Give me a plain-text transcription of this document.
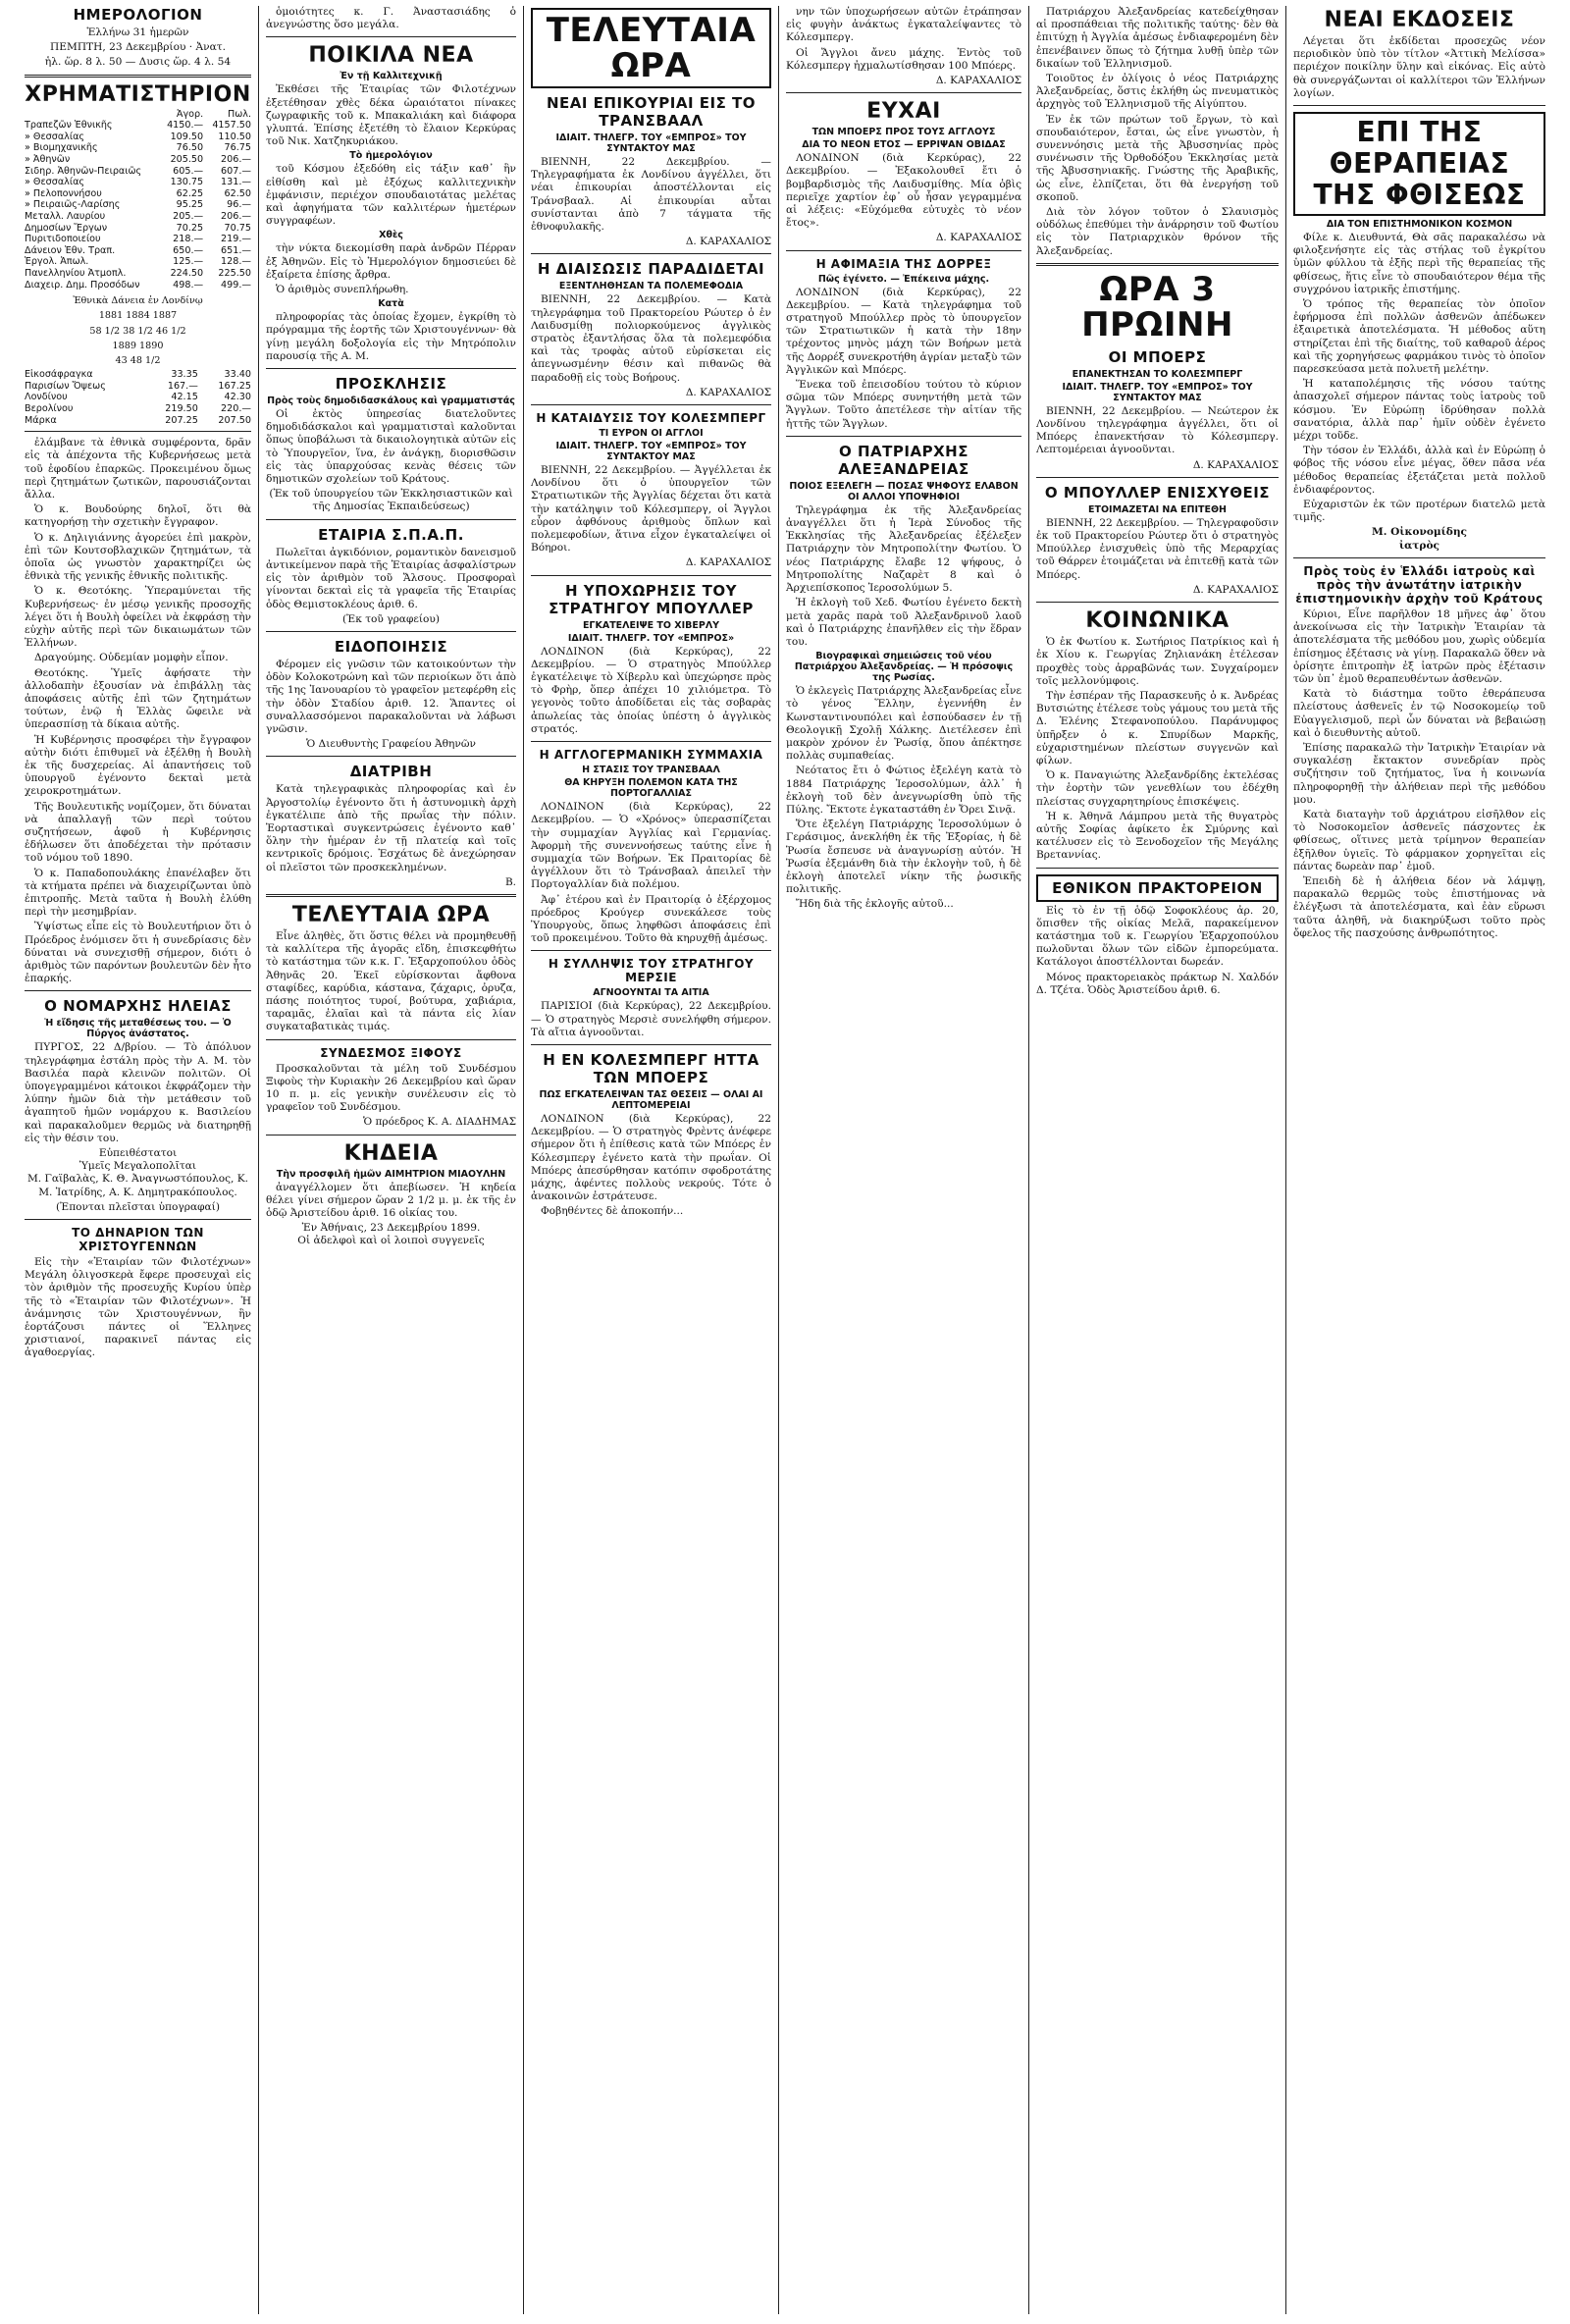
ΗΜΕΡΟΛΟΓΙΟΝ

Ἑλλήνω 31 ἡμερῶν

ΠΕΜΠΤΗ, 23 Δεκεμβρίου · Ἀνατ.

ἡλ. ὥρ. 8 λ. 50 — Δυσις ὥρ. 4 λ. 54

ΧΡΗΜΑΤΙΣΤΗΡΙΟΝ
	Ἀγορ.	Πωλ.
Τραπεζῶν Ἐθνικῆς	4150.—	4157.50
» Θεσσαλίας	109.50	110.50
» Βιομηχανικῆς	76.50	76.75
» Ἀθηνῶν	205.50	206.—
Σιδηρ. Ἀθηνῶν-Πειραιῶς	605.—	607.—
» Θεσσαλίας	130.75	131.—
» Πελοποννήσου	62.25	62.50
» Πειραιῶς-Λαρίσης	95.25	96.—
Μεταλλ. Λαυρίου	205.—	206.—
Δημοσίων Ἔργων	70.25	70.75
Πυριτιδοποιείου	218.—	219.—
Δάνειον Ἑθν. Τραπ.	650.—	651.—
Ἐργολ. Ἀπωλ.	125.—	128.—
Πανελληνίου Ἀτμοπλ.	224.50	225.50
Διαχειρ. Δημ. Προσόδων	498.—	499.—

Ἐθνικὰ Δάνεια ἐν Λονδίνῳ

1881 1884 1887

58 1/2 38 1/2 46 1/2

1889 1890

43 48 1/2

Εἰκοσάφραγκα	33.35	33.40
Παρισίων Ὄψεως	167.—	167.25
Λονδίνου	42.15	42.30
Βερολίνου	219.50	220.—
Μάρκα	207.25	207.50

ἐλάμβανε τὰ ἐθνικὰ συμφέροντα, δρᾶν εἰς τὰ ἀπέχοντα τῆς Κυβερνήσεως μετὰ τοῦ ἐφοδίου ἐπαρκῶς. Προκειμένου ὅμως περὶ ζητημάτων ζωτικῶν, παρουσιάζονται ἄλλα.

Ὁ κ. Βουδούρης δηλοῖ, ὅτι θὰ κατηγορήσῃ τὴν σχετικὴν ἔγγραφον.

Ὁ κ. Δηλιγιάννης ἀγορεύει ἐπὶ μακρὸν, ἐπὶ τῶν Κουτσοβλαχικῶν ζητημάτων, τὰ ὁποῖα ὡς γνωστὸν χαρακτηρίζει ὡς ἐθνικὰ τῆς γενικῆς ἐθνικῆς πολιτικῆς.

Ὁ κ. Θεοτόκης. Ὑπεραμύνεται τῆς Κυβερνήσεως· ἐν μέσῳ γενικῆς προσοχῆς λέγει ὅτι ἡ Βουλὴ ὀφείλει νὰ ἐκφράσῃ τὴν εὐχὴν αὐτῆς περὶ τῶν δικαιωμάτων τῶν Ἑλλήνων.

Δραγούμης. Οὐδεμίαν μομφὴν εἶπον.

Θεοτόκης. Ὑμεῖς ἀφήσατε τὴν ἀλλοδαπὴν ἐξουσίαν νὰ ἐπιβάλλῃ τὰς ἀποφάσεις αὐτῆς ἐπὶ τῶν ζητημάτων τούτων, ἐνῷ ἡ Ἑλλὰς ὤφειλε νὰ ὑπερασπίσῃ τὰ δίκαια αὐτῆς.

Ἡ Κυβέρνησις προσφέρει τὴν ἔγγραφον αὐτὴν διότι ἐπιθυμεῖ νὰ ἐξέλθῃ ἡ Βουλὴ ἐκ τῆς δυσχερείας. Αἱ ἀπαντήσεις τοῦ ὑπουργοῦ ἐγένοντο δεκταὶ μετὰ χειροκροτημάτων.

Τῆς Βουλευτικῆς νομίζομεν, ὅτι δύναται νὰ ἀπαλλαγῇ τῶν περὶ τούτου συζητήσεων, ἀφοῦ ἡ Κυβέρνησις ἐδήλωσεν ὅτι ἀποδέχεται τὴν πρότασιν τοῦ νόμου τοῦ 1890.

Ὁ κ. Παπαδοπουλάκης ἐπανέλαβεν ὅτι τὰ κτήματα πρέπει νὰ διαχειρίζωνται ὑπὸ ἐπιτροπῆς. Μετὰ ταῦτα ἡ Βουλὴ ἐλύθη περὶ τὴν μεσημβρίαν.

Ὑψίστως εἶπε εἰς τὸ Βουλευτήριον ὅτι ὁ Πρόεδρος ἐνόμισεν ὅτι ἡ συνεδρίασις δὲν δύναται νὰ συνεχισθῇ σήμερον, διότι ὁ ἀριθμὸς τῶν παρόντων βουλευτῶν δὲν ἦτο ἐπαρκής.

Ο ΝΟΜΑΡΧΗΣ ΗΛΕΙΑΣ
Ἡ εἴδησις τῆς μεταθέσεως του. — Ὁ Πύργος ἀνάστατος.

ΠΥΡΓΟΣ, 22 Δ/βρίου. — Τὸ ἀπόλυον τηλεγράφημα ἐστάλη πρὸς τὴν Α. Μ. τὸν Βασιλέα παρὰ κλεινῶν πολιτῶν. Οἱ ὑπογεγραμμένοι κάτοικοι ἐκφράζομεν τὴν λύπην ἡμῶν διὰ τὴν μετάθεσιν τοῦ ἀγαπητοῦ ἡμῶν νομάρχου κ. Βασιλείου καὶ παρακαλοῦμεν θερμῶς νὰ διατηρηθῇ εἰς τὴν θέσιν του.

Εὐπειθέστατοι
Ὑμεῖς Μεγαλοπολῖται
Μ. Γαϊβαλὰς, Κ. Θ. Ἀναγνωστόπουλος, Κ. Μ. Ἰατρίδης, Α. Κ. Δημητρακόπουλος.

(Ἐπονται πλεῖσται ὑπογραφαί)

ΤΟ ΔΗΝΑΡΙΟΝ ΤΩΝ ΧΡΙΣΤΟΥΓΕΝΝΩΝ

Εἰς τὴν «Ἑταιρίαν τῶν Φιλοτέχνων» Μεγάλη ὀλιγοσκερὰ ἔφερε προσευχαὶ εἰς τὸν ἀριθμὸν τῆς προσευχῆς Κυρίου ὑπὲρ τῆς τὸ «Ἑταιρίαν τῶν Φιλοτέχνων». Ἡ ἀνάμνησις τῶν Χριστουγέννων, ἣν ἑορτάζουσι πάντες οἱ Ἕλληνες χριστιανοί, παρακινεῖ πάντας εἰς ἀγαθοεργίας.

ὁμοιότητες κ. Γ. Ἀναστασιάδης ὁ ἀνεγνώστης ὅσο μεγάλα.

ΠΟΙΚΙΛΑ ΝΕΑ
Ἐν τῇ Καλλιτεχνικῇ

Ἐκθέσει τῆς Ἑταιρίας τῶν Φιλοτέχνων ἐξετέθησαν χθὲς δέκα ὡραιότατοι πίνακες ζωγραφικῆς τοῦ κ. Μπακαλιάκη καὶ διάφορα γλυπτά. Ἐπίσης ἐξετέθη τὸ ἔλαιον Κερκύρας τοῦ Νικ. Χατζηκυριάκου.

Τὸ ἡμερολόγιον

τοῦ Κόσμου ἐξεδόθη εἰς τάξιν καθ᾽ ἣν εἰθίσθη καὶ μὲ ἐξόχως καλλιτεχνικὴν ἐμφάνισιν, περιέχον σπουδαιοτάτας μελέτας καὶ ἀφηγήματα τῶν καλλιτέρων ἡμετέρων συγγραφέων.

Χθὲς

τὴν νύκτα διεκομίσθη παρὰ ἀνδρῶν Πέρραν ἐξ Ἀθηνῶν. Εἰς τὸ Ἡμερολόγιον δημοσιεύει δὲ ἐξαίρετα ἐπίσης ἄρθρα.

Ὁ ἀριθμὸς συνεπλήρωθη.

Κατὰ

πληροφορίας τὰς ὁποίας ἔχομεν, ἐγκρίθη τὸ πρόγραμμα τῆς ἑορτῆς τῶν Χριστουγέννων· θὰ γίνῃ μεγάλη δοξολογία εἰς τὴν Μητρόπολιν παρουσίᾳ τῆς Α. Μ.

ΠΡΟΣΚΛΗΣΙΣ
Πρὸς τοὺς δημοδιδασκάλους καὶ γραμματιστάς

Οἱ ἐκτὸς ὑπηρεσίας διατελοῦντες δημοδιδάσκαλοι καὶ γραμματισταὶ καλοῦνται ὅπως ὑποβάλωσι τὰ δικαιολογητικὰ αὐτῶν εἰς τὸ Ὑπουργεῖον, ἵνα, ἐν ἀνάγκῃ, διορισθῶσιν εἰς τὰς ὑπαρχούσας κενὰς θέσεις τῶν δημοτικῶν σχολείων τοῦ Κράτους.

(Ἐκ τοῦ ὑπουργείου τῶν Ἐκκλησιαστικῶν καὶ τῆς Δημοσίας Ἐκπαιδεύσεως)

ΕΤΑΙΡΙΑ Σ.Π.Α.Π.

Πωλεῖται ἀγκιδόνιον, ρομαντικὸν δανεισμοῦ ἀντικείμενον παρὰ τῆς Ἑταιρίας ἀσφαλίστρων εἰς τὸν ἀριθμὸν τοῦ Ἄλσους. Προσφοραὶ γίνονται δεκταὶ εἰς τὰ γραφεῖα τῆς Ἑταιρίας ὁδὸς Θεμιστοκλέους ἀριθ. 6.

(Ἐκ τοῦ γραφείου)

ΕΙΔΟΠΟΙΗΣΙΣ

Φέρομεν εἰς γνῶσιν τῶν κατοικούντων τὴν ὁδὸν Κολοκοτρώνη καὶ τῶν περιοίκων ὅτι ἀπὸ τῆς 1ης Ἰανουαρίου τὸ γραφεῖον μετεφέρθη εἰς τὴν ὁδὸν Σταδίου ἀριθ. 12. Ἅπαντες οἱ συναλλασσόμενοι παρακαλοῦνται νὰ λάβωσι γνῶσιν.

Ὁ Διευθυντὴς Γραφείου Ἀθηνῶν

ΔΙΑΤΡΙΒΗ

Κατὰ τηλεγραφικὰς πληροφορίας καὶ ἐν Ἀργοστολίῳ ἐγένοντο ὅτι ἡ ἀστυνομικὴ ἀρχὴ ἐγκατέλιπε ἀπὸ τῆς πρωΐας τὴν πόλιν. Ἑορταστικαὶ συγκεντρώσεις ἐγένοντο καθ᾽ ὅλην τὴν ἡμέραν ἐν τῇ πλατείᾳ καὶ τοῖς κεντρικοῖς δρόμοις. Ἐσχάτως δὲ ἀνεχώρησαν οἱ πλεῖστοι τῶν προσκεκλημένων.

Β.
ΤΕΛΕΥΤΑΙΑ ΩΡΑ

Εἶνε ἀληθὲς, ὅτι ὅστις θέλει νὰ προμηθευθῇ τὰ καλλίτερα τῆς ἀγορᾶς εἴδη, ἐπισκεφθήτω τὸ κατάστημα τῶν κ.κ. Γ. Ἐξαρχοπούλου ὁδὸς Ἀθηνᾶς 20. Ἐκεῖ εὑρίσκονται ἄφθονα σταφίδες, καρύδια, κάστανα, ζάχαρις, ὀρυζα, πάσης ποιότητος τυροί, βούτυρα, χαβιάρια, ταραμᾶς, ἐλαῖαι καὶ τὰ πάντα εἰς λίαν συγκαταβατικὰς τιμάς.

ΣΥΝΔΕΣΜΟΣ ΞΙΦΟΥΣ

Προσκαλοῦνται τὰ μέλη τοῦ Συνδέσμου Ξιφοὺς τὴν Κυριακὴν 26 Δεκεμβρίου καὶ ὥραν 10 π. μ. εἰς γενικὴν συνέλευσιν εἰς τὸ γραφεῖον τοῦ Συνδέσμου.

Ὁ πρόεδρος Κ. Α. ΔΙΑΔΗΜΑΣ
ΚΗΔΕΙΑ
Τὴν προσφιλῆ ἡμῶν ΑΙΜΗΤΡΙΟΝ ΜΙΑΟΥΛΗΝ

ἀναγγέλλομεν ὅτι ἀπεβίωσεν. Ἡ κηδεία θέλει γίνει σήμερον ὥραν 2 1/2 μ. μ. ἐκ τῆς ἐν ὁδῷ Ἀριστείδου ἀριθ. 16 οἰκίας του.

Ἐν Ἀθήναις, 23 Δεκεμβρίου 1899.
Οἱ ἀδελφοὶ καὶ οἱ λοιποὶ συγγενεῖς

ΤΕΛΕΥΤΑΙΑ ΩΡΑ
ΝΕΑΙ ΕΠΙΚΟΥΡΙΑΙ ΕΙΣ ΤΟ ΤΡΑΝΣΒΑΑΛ
ΙΔΙΑΙΤ. ΤΗΛΕΓΡ. ΤΟΥ «ΕΜΠΡΟΣ» ΤΟΥ ΣΥΝΤΑΚΤΟΥ ΜΑΣ

ΒΙΕΝΝΗ, 22 Δεκεμβρίου. — Τηλεγραφήματα ἐκ Λονδίνου ἀγγέλλει, ὅτι νέαι ἐπικουρίαι ἀποστέλλονται εἰς Τράνσβααλ. Αἱ ἐπικουρίαι αὗται συνίστανται ἀπὸ 7 τάγματα τῆς ἐθνοφυλακῆς.

Δ. ΚΑΡΑΧΑΛΙΟΣ
Η ΔΙΑΙΣΩΣΙΣ ΠΑΡΑΔΙΔΕΤΑΙ
ΕΞΕΝΤΛΗΘΗΣΑΝ ΤΑ ΠΟΛΕΜΕΦΟΔΙΑ

ΒΙΕΝΝΗ, 22 Δεκεμβρίου. — Κατὰ τηλεγράφημα τοῦ Πρακτορείου Ρώυτερ ὁ ἐν Λαιδυσμίθῃ πολιορκούμενος ἀγγλικὸς στρατὸς ἐξαντλήσας ὅλα τὰ πολεμεφόδια καὶ τὰς τροφὰς αὐτοῦ εὑρίσκεται εἰς ἀπεγνωσμένην θέσιν καὶ πιθανῶς θὰ παραδοθῇ εἰς τοὺς Βοήρους.

Δ. ΚΑΡΑΧΑΛΙΟΣ
Η ΚΑΤΑΙΔΥΣΙΣ ΤΟΥ ΚΟΛΕΣΜΠΕΡΓ
ΤΙ ΕΥΡΟΝ ΟΙ ΑΓΓΛΟΙ
ΙΔΙΑΙΤ. ΤΗΛΕΓΡ. ΤΟΥ «ΕΜΠΡΟΣ» ΤΟΥ ΣΥΝΤΑΚΤΟΥ ΜΑΣ

ΒΙΕΝΝΗ, 22 Δεκεμβρίου. — Ἀγγέλλεται ἐκ Λονδίνου ὅτι ὁ ὑπουργεῖον τῶν Στρατιωτικῶν τῆς Ἀγγλίας δέχεται ὅτι κατὰ τὴν κατάληψιν τοῦ Κόλεσμπεργ, οἱ Ἄγγλοι εὗρον ἀφθόνους ἀριθμοὺς ὅπλων καὶ πολεμεφοδίων, ἅτινα εἶχον ἐγκαταλείψει οἱ Βόηροι.

Δ. ΚΑΡΑΧΑΛΙΟΣ
Η ΥΠΟΧΩΡΗΣΙΣ ΤΟΥ ΣΤΡΑΤΗΓΟΥ ΜΠΟΥΛΛΕΡ
ΕΓΚΑΤΕΛΕΙΨΕ ΤΟ ΧΙΒΕΡΛΥ
ΙΔΙΑΙΤ. ΤΗΛΕΓΡ. ΤΟΥ «ΕΜΠΡΟΣ»

ΛΟΝΔΙΝΟΝ (διὰ Κερκύρας), 22 Δεκεμβρίου. — Ὁ στρατηγὸς Μπούλλερ ἐγκατέλειψε τὸ Χίβερλυ καὶ ὑπεχώρησε πρὸς τὸ Φρὴρ, ὅπερ ἀπέχει 10 χιλιόμετρα. Τὸ γεγονὸς τοῦτο ἀποδίδεται εἰς τὰς σοβαρὰς ἀπωλείας τὰς ὁποίας ὑπέστη ὁ ἀγγλικὸς στρατός.

Η ΑΓΓΛΟΓΕΡΜΑΝΙΚΗ ΣΥΜΜΑΧΙΑ
Η ΣΤΑΣΙΣ ΤΟΥ ΤΡΑΝΣΒΑΑΛ
ΘΑ ΚΗΡΥΞΗ ΠΟΛΕΜΟΝ ΚΑΤΑ ΤΗΣ ΠΟΡΤΟΓΑΛΛΙΑΣ

ΛΟΝΔΙΝΟΝ (διὰ Κερκύρας), 22 Δεκεμβρίου. — Ὁ «Χρόνος» ὑπερασπίζεται τὴν συμμαχίαν Ἀγγλίας καὶ Γερμανίας. Ἀφορμὴ τῆς συνεννοήσεως ταύτης εἶνε ἡ συμμαχία τῶν Βοήρων. Ἐκ Πραιτορίας δὲ ἀγγέλλουν ὅτι τὸ Τράνσβααλ ἀπειλεῖ τὴν Πορτογαλλίαν διὰ πολέμου.

Ἀφ᾽ ἑτέρου καὶ ἐν Πραιτορίᾳ ὁ ἐξέρχομος πρόεδρος Κρούγερ συνεκάλεσε τοὺς Ὑπουργοὺς, ὅπως ληφθῶσι ἀποφάσεις ἐπὶ τοῦ προκειμένου. Τοῦτο θὰ κηρυχθῇ ἀμέσως.

Η ΣΥΛΛΗΨΙΣ ΤΟΥ ΣΤΡΑΤΗΓΟΥ ΜΕΡΣΙΕ
ΑΓΝΟΟΥΝΤΑΙ ΤΑ ΑΙΤΙΑ

ΠΑΡΙΣΙΟΙ (διὰ Κερκύρας), 22 Δεκεμβρίου. — Ὁ στρατηγὸς Μερσιὲ συνελήφθη σήμερον. Τὰ αἴτια ἀγνοοῦνται.

Η ΕΝ ΚΟΛΕΣΜΠΕΡΓ ΗΤΤΑ ΤΩΝ ΜΠΟΕΡΣ
ΠΩΣ ΕΓΚΑΤΕΛΕΙΨΑΝ ΤΑΣ ΘΕΣΕΙΣ — ΟΛΑΙ ΑΙ ΛΕΠΤΟΜΕΡΕΙΑΙ

ΛΟΝΔΙΝΟΝ (διὰ Κερκύρας), 22 Δεκεμβρίου. — Ὁ στρατηγὸς Φρὲντς ἀνέφερε σήμερον ὅτι ἡ ἐπίθεσις κατὰ τῶν Μπόερς ἐν Κόλεσμπεργ ἐγένετο κατὰ τὴν πρωΐαν. Οἱ Μπόερς ἀπεσύρθησαν κατόπιν σφοδροτάτης μάχης, ἀφέντες πολλοὺς νεκρούς. Τότε ὁ ἀνακοινῶν ἐστράτευσε.

Φοβηθέντες δὲ ἀποκοπήν...

νην τῶν ὑποχωρήσεων αὐτῶν ἐτράπησαν εἰς φυγὴν ἀνάκτως ἐγκαταλείψαντες τὸ Κόλεσμπεργ.

Οἱ Ἄγγλοι ἄνευ μάχης. Ἐντὸς τοῦ Κόλεσμπεργ ἠχμαλωτίσθησαν 100 Μπόερς.

Δ. ΚΑΡΑΧΑΛΙΟΣ
ΕΥΧΑΙ
ΤΩΝ ΜΠΟΕΡΣ ΠΡΟΣ ΤΟΥΣ ΑΓΓΛΟΥΣ
ΔΙΑ ΤΟ ΝΕΟΝ ΕΤΟΣ — ΕΡΡΙΨΑΝ ΟΒΙΔΑΣ

ΛΟΝΔΙΝΟΝ (διὰ Κερκύρας), 22 Δεκεμβρίου. — Ἐξακολουθεῖ ἔτι ὁ βομβαρδισμὸς τῆς Λαιδυσμίθης. Μία ὀβὶς περιεῖχε χαρτίον ἐφ᾽ οὗ ἦσαν γεγραμμένα αἱ λέξεις: «Εὐχόμεθα εὐτυχὲς τὸ νέον ἔτος».

Δ. ΚΑΡΑΧΑΛΙΟΣ
Η ΑΦΙΜΑΞΙΑ ΤΗΣ ΔΟΡΡΕΞ
Πῶς ἐγένετο. — Ἐπέκεινα μάχης.

ΛΟΝΔΙΝΟΝ (διὰ Κερκύρας), 22 Δεκεμβρίου. — Κατὰ τηλεγράφημα τοῦ στρατηγοῦ Μπούλλερ πρὸς τὸ ὑπουργεῖον τῶν Στρατιωτικῶν ἡ κατὰ τὴν 18ην τρέχοντος μηνὸς μάχη τῶν Βοήρων μετὰ τῆς Δορρέξ συνεκροτήθη ἀγρίαν μεταξὺ τῶν Ἀγγλικῶν καὶ Μπόερς.

Ἕνεκα τοῦ ἐπεισοδίου τούτου τὸ κύριον σῶμα τῶν Μπόερς συνηντήθη μετὰ τῶν Ἄγγλων. Τοῦτο ἀπετέλεσε τὴν αἰτίαν τῆς ἡττῆς τῶν Ἄγγλων.

Ο ΠΑΤΡΙΑΡΧΗΣ ΑΛΕΞΑΝΔΡΕΙΑΣ
ΠΟΙΟΣ ΕΞΕΛΕΓΗ — ΠΟΣΑΣ ΨΗΦΟΥΣ ΕΛΑΒΟΝ ΟΙ ΑΛΛΟΙ ΥΠΟΨΗΦΙΟΙ

Τηλεγράφημα ἐκ τῆς Ἀλεξανδρείας ἀναγγέλλει ὅτι ἡ Ἱερὰ Σύνοδος τῆς Ἐκκλησίας τῆς Ἀλεξανδρείας ἐξέλεξεν Πατριάρχην τὸν Μητροπολίτην Φωτίου. Ὁ νέος Πατριάρχης ἔλαβε 12 ψήφους, ὁ Μητροπολίτης Ναζαρὲτ 8 καὶ ὁ Ἀρχιεπίσκοπος Ἱεροσολύμων 5.

Ἡ ἐκλογὴ τοῦ Χεδ. Φωτίου ἐγένετο δεκτὴ μετὰ χαρᾶς παρὰ τοῦ Ἀλεξανδρινοῦ λαοῦ καὶ ὁ Πατριάρχης ἐπανῆλθεν εἰς τὴν ἕδραν του.

Βιογραφικαὶ σημειώσεις τοῦ νέου Πατριάρχου Ἀλεξανδρείας. — Ἡ πρόσοψις της Ρωσίας.

Ὁ ἐκλεγεὶς Πατριάρχης Ἀλεξανδρείας εἶνε τὸ γένος Ἕλλην, ἐγεννήθη ἐν Κωνσταντινουπόλει καὶ ἐσπούδασεν ἐν τῇ Θεολογικῇ Σχολῇ Χάλκης. Διετέλεσεν ἐπὶ μακρὸν χρόνον ἐν Ῥωσίᾳ, ὅπου ἀπέκτησε πολλὰς συμπαθείας.

Νεότατος ἔτι ὁ Φώτιος ἐξελέγη κατὰ τὸ 1884 Πατριάρχης Ἱεροσολύμων, ἀλλ᾽ ἡ ἐκλογὴ τοῦ δὲν ἀνεγνωρίσθη ὑπὸ τῆς Πύλης. Ἔκτοτε ἐγκαταστάθη ἐν Ὄρει Σινᾷ.

Ὅτε ἐξελέγη Πατριάρχης Ἱεροσολύμων ὁ Γεράσιμος, ἀνεκλήθη ἐκ τῆς Ἐξορίας, ἡ δὲ Ῥωσία ἔσπευσε νὰ ἀναγνωρίσῃ αὐτόν. Ἡ Ῥωσία ἐξεμάνθη διὰ τὴν ἐκλογὴν τοῦ, ἡ δὲ ἐκλογὴ ἀποτελεῖ νίκην τῆς ῥωσικῆς πολιτικῆς.

Ἤδη διὰ τῆς ἐκλογῆς αὐτοῦ...

Πατριάρχου Ἀλεξανδρείας κατεδείχθησαν αἱ προσπάθειαι τῆς πολιτικῆς ταύτης· δὲν θὰ ἐπιτύχῃ ἡ Ἀγγλία ἀμέσως ἐνδιαφερομένη δὲν ἐπενέβαινεν ὅπως τὸ ζήτημα λυθῇ ὑπὲρ τῶν δικαίων τοῦ Ἑλληνισμοῦ.

Τοιοῦτος ἐν ὀλίγοις ὁ νέος Πατριάρχης Ἀλεξανδρείας, ὅστις ἐκλήθη ὡς πνευματικὸς ἀρχηγὸς τοῦ Ἑλληνισμοῦ τῆς Αἰγύπτου.

Ἐν ἐκ τῶν πρώτων τοῦ ἔργων, τὸ καὶ σπουδαιότερον, ἔσται, ὡς εἶνε γνωστὸν, ἡ συνεννόησις μετὰ τῆς Ἀβυσσηνίας πρὸς συνένωσιν τῆς Ὀρθοδόξου Ἐκκλησίας μετὰ τῆς Ἀβυσσηνιακῆς. Γνώστης τῆς Ἀραβικῆς, ὡς εἶνε, ἐλπίζεται, ὅτι θὰ ἐνεργήσῃ τοῦ σκοποῦ.

Διὰ τὸν λόγον τοῦτον ὁ Σλαυισμὸς οὐδόλως ἐπεθύμει τὴν ἀνάρρησιν τοῦ Φωτίου εἰς τὸν Πατριαρχικὸν θρόνον τῆς Ἀλεξανδρείας.

ΩΡΑ 3 ΠΡΩΙΝΗ
ΟΙ ΜΠΟΕΡΣ
ΕΠΑΝΕΚΤΗΣΑΝ ΤΟ ΚΟΛΕΣΜΠΕΡΓ
ΙΔΙΑΙΤ. ΤΗΛΕΓΡ. ΤΟΥ «ΕΜΠΡΟΣ» ΤΟΥ ΣΥΝΤΑΚΤΟΥ ΜΑΣ

ΒΙΕΝΝΗ, 22 Δεκεμβρίου. — Νεώτερον ἐκ Λονδίνου τηλεγράφημα ἀγγέλλει, ὅτι οἱ Μπόερς ἐπανεκτήσαν τὸ Κόλεσμπεργ. Λεπτομέρειαι ἀγνοοῦνται.

Δ. ΚΑΡΑΧΑΛΙΟΣ
Ο ΜΠΟΥΛΛΕΡ ΕΝΙΣΧΥΘΕΙΣ
ΕΤΟΙΜΑΖΕΤΑΙ ΝΑ ΕΠΙΤΕΘΗ

ΒΙΕΝΝΗ, 22 Δεκεμβρίου. — Τηλεγραφοῦσιν ἐκ τοῦ Πρακτορείου Ρώυτερ ὅτι ὁ στρατηγὸς Μπούλλερ ἐνισχυθεὶς ὑπὸ τῆς Μεραρχίας τοῦ Θάρρεν ἑτοιμάζεται νὰ ἐπιτεθῇ κατὰ τῶν Μπόερς.

Δ. ΚΑΡΑΧΑΛΙΟΣ
ΚΟΙΝΩΝΙΚΑ

Ὁ ἐκ Φωτίου κ. Σωτήριος Πατρίκιος καὶ ἡ ἐκ Χίου κ. Γεωργίας Ζηλιανάκη ἐτέλεσαν προχθὲς τοὺς ἀρραβῶνάς των. Συγχαίρομεν τοῖς μελλονύμφοις.

Τὴν ἑσπέραν τῆς Παρασκευῆς ὁ κ. Ἀνδρέας Βυτσιώτης ἐτέλεσε τοὺς γάμους του μετὰ τῆς Δ. Ἑλένης Στεφανοπούλου. Παράνυμφος ὑπῆρξεν ὁ κ. Σπυρίδων Μαρκῆς, εὐχαριστημένων πλείστων συγγενῶν καὶ φίλων.

Ὁ κ. Παναγιώτης Ἀλεξανδρίδης ἐκτελέσας τὴν ἑορτὴν τῶν γενεθλίων του ἐδέχθη πλείστας συγχαρητηρίους ἐπισκέψεις.

Ἡ κ. Ἀθηνᾶ Λάμπρου μετὰ τῆς θυγατρὸς αὐτῆς Σοφίας ἀφίκετο ἐκ Σμύρνης καὶ κατέλυσεν εἰς τὸ Ξενοδοχεῖον τῆς Μεγάλης Βρεταννίας.

ΕΘΝΙΚΟΝ ΠΡΑΚΤΟΡΕΙΟΝ

Εἰς τὸ ἐν τῇ ὁδῷ Σοφοκλέους ἀρ. 20, ὅπισθεν τῆς οἰκίας Μελᾶ, παρακείμενον κατάστημα τοῦ κ. Γεωργίου Ἐξαρχοπούλου πωλοῦνται ὅλων τῶν εἰδῶν ἐμπορεύματα. Κατάλογοι ἀποστέλλονται δωρεάν.

Μόνος πρακτορειακὸς πράκτωρ Ν. Χαλδόν Δ. Τζέτα. Ὁδὸς Ἀριστείδου ἀριθ. 6.

ΝΕΑΙ ΕΚΔΟΣΕΙΣ

Λέγεται ὅτι ἐκδίδεται προσεχῶς νέον περιοδικὸν ὑπὸ τὸν τίτλον «Ἀττικὴ Μελίσσα» περιέχον ποικίλην ὕλην καὶ εἰκόνας. Εἰς αὐτὸ θὰ συνεργάζωνται οἱ καλλίτεροι τῶν Ἑλλήνων λογίων.

ΕΠΙ ΤΗΣ ΘΕΡΑΠΕΙΑΣ ΤΗΣ ΦΘΙΣΕΩΣ
ΔΙΑ ΤΟΝ ΕΠΙΣΤΗΜΟΝΙΚΟΝ ΚΟΣΜΟΝ

Φίλε κ. Διευθυντά, Θὰ σᾶς παρακαλέσω νὰ φιλοξενήσητε εἰς τὰς στήλας τοῦ ἐγκρίτου ὑμῶν φύλλου τὰ ἑξῆς περὶ τῆς θεραπείας τῆς φθίσεως, ἥτις εἶνε τὸ σπουδαιότερον θέμα τῆς συγχρόνου ἰατρικῆς ἐπιστήμης.

Ὁ τρόπος τῆς θεραπείας τὸν ὁποῖον ἐφήρμοσα ἐπὶ πολλῶν ἀσθενῶν ἀπέδωκεν ἐξαιρετικὰ ἀποτελέσματα. Ἡ μέθοδος αὕτη στηρίζεται ἐπὶ τῆς διαίτης, τοῦ καθαροῦ ἀέρος καὶ τῆς χορηγήσεως φαρμάκου τινὸς τὸ ὁποῖον παρεσκεύασα μετὰ πολυετῆ μελέτην.

Ἡ καταπολέμησις τῆς νόσου ταύτης ἀπασχολεῖ σήμερον πάντας τοὺς ἰατροὺς τοῦ κόσμου. Ἐν Εὐρώπῃ ἱδρύθησαν πολλὰ σανατόρια, ἀλλὰ παρ᾽ ἡμῖν οὐδὲν ἐγένετο μέχρι τοῦδε.

Τὴν τόσον ἐν Ἑλλάδι, ἀλλὰ καὶ ἐν Εὐρώπῃ ὁ φόβος τῆς νόσου εἶνε μέγας, ὅθεν πᾶσα νέα μέθοδος θεραπείας ἐξετάζεται μετὰ πολλοῦ ἐνδιαφέροντος.

Εὐχαριστῶν ἐκ τῶν προτέρων διατελῶ μετὰ τιμῆς.

Μ. Οἰκονομίδης
ἰατρὸς

Πρὸς τοὺς ἐν Ἑλλάδι ἰατροὺς καὶ πρὸς τὴν ἀνωτάτην ἰατρικὴν ἐπιστημονικὴν ἀρχὴν τοῦ Κράτους

Κύριοι, Εἶνε παρῆλθον 18 μῆνες ἀφ᾽ ὅτου ἀνεκοίνωσα εἰς τὴν Ἰατρικὴν Ἑταιρίαν τὰ ἀποτελέσματα τῆς μεθόδου μου, χωρὶς οὐδεμία ἐπίσημος ἐξέτασις νὰ γίνῃ. Παρακαλῶ ὅθεν νὰ ὁρίσητε ἐπιτροπὴν ἐξ ἰατρῶν πρὸς ἐξέτασιν τῶν ὑπ᾽ ἐμοῦ θεραπευθέντων ἀσθενῶν.

Κατὰ τὸ διάστημα τοῦτο ἐθεράπευσα πλείστους ἀσθενεῖς ἐν τῷ Νοσοκομείῳ τοῦ Εὐαγγελισμοῦ, περὶ ὧν δύναται νὰ βεβαιώσῃ καὶ ὁ διευθυντὴς αὐτοῦ.

Ἐπίσης παρακαλῶ τὴν Ἰατρικὴν Ἑταιρίαν νὰ συγκαλέσῃ ἔκτακτον συνεδρίαν πρὸς συζήτησιν τοῦ ζητήματος, ἵνα ἡ κοινωνία πληροφορηθῇ τὴν ἀλήθειαν περὶ τῆς μεθόδου μου.

Κατὰ διαταγὴν τοῦ ἀρχιάτρου εἰσῆλθον εἰς τὸ Νοσοκομεῖον ἀσθενεῖς πάσχοντες ἐκ φθίσεως, οἵτινες μετὰ τρίμηνον θεραπείαν ἐξῆλθον ὑγιεῖς. Τὸ φάρμακον χορηγεῖται εἰς πάντας δωρεὰν παρ᾽ ἐμοῦ.

Ἐπειδὴ δὲ ἡ ἀλήθεια δέον νὰ λάμψῃ, παρακαλῶ θερμῶς τοὺς ἐπιστήμονας νὰ ἐλέγξωσι τὰ ἀποτελέσματα, καὶ ἐὰν εὕρωσι ταῦτα ἀληθῆ, νὰ διακηρύξωσι τοῦτο πρὸς ὄφελος τῆς πασχούσης ἀνθρωπότητος.
